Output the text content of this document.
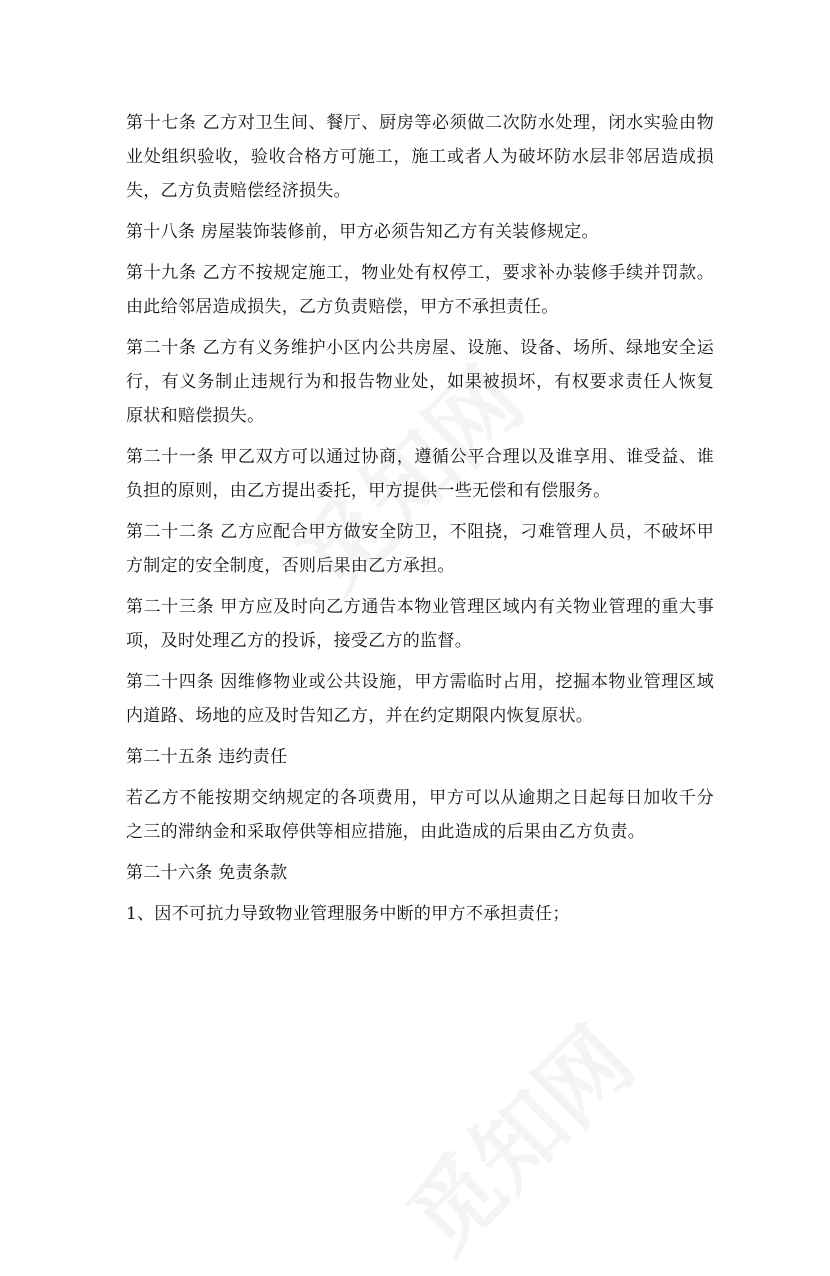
第十七条 乙方对卫生间、餐厅、厨房等必须做二次防水处理，闭水实验由物业处组织验收，验收合格方可施工，施工或者人为破坏防水层非邻居造成损失，乙方负责赔偿经济损失。

第十八条 房屋装饰装修前，甲方必须告知乙方有关装修规定。

第十九条 乙方不按规定施工，物业处有权停工，要求补办装修手续并罚款。由此给邻居造成损失，乙方负责赔偿，甲方不承担责任。

第二十条 乙方有义务维护小区内公共房屋、设施、设备、场所、绿地安全运行，有义务制止违规行为和报告物业处，如果被损坏，有权要求责任人恢复原状和赔偿损失。

第二十一条 甲乙双方可以通过协商，遵循公平合理以及谁享用、谁受益、谁负担的原则，由乙方提出委托，甲方提供一些无偿和有偿服务。

第二十二条 乙方应配合甲方做安全防卫，不阻挠，刁难管理人员，不破坏甲方制定的安全制度，否则后果由乙方承担。

第二十三条 甲方应及时向乙方通告本物业管理区域内有关物业管理的重大事项，及时处理乙方的投诉，接受乙方的监督。

第二十四条 因维修物业或公共设施，甲方需临时占用，挖掘本物业管理区域内道路、场地的应及时告知乙方，并在约定期限内恢复原状。

第二十五条 违约责任

若乙方不能按期交纳规定的各项费用，甲方可以从逾期之日起每日加收千分之三的滞纳金和采取停供等相应措施，由此造成的后果由乙方负责。

第二十六条 免责条款

1、因不可抗力导致物业管理服务中断的甲方不承担责任；
